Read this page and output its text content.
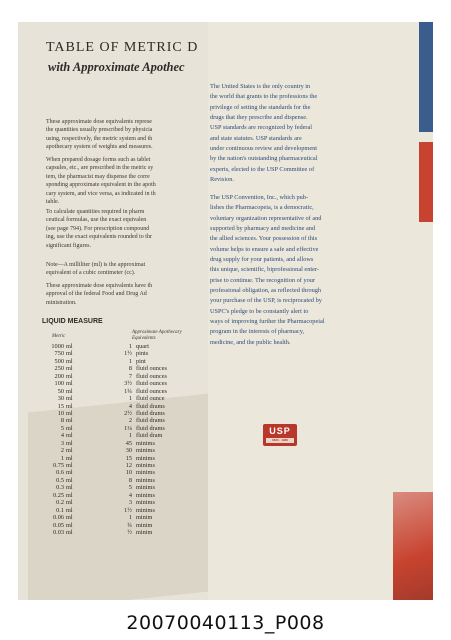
TABLE OF METRIC D
with Approximate Apothec
These approximate dose equivalents represe
the quantities usually prescribed by physicia
using, respectively, the metric system and th
apothecary system of weights and measures.
When prepared dosage forms such as tablet
capsules, etc., are prescribed in the metric sy
tem, the pharmacist may dispense the corre
sponding approximate equivalent in the apoth
cary system, and vice versa, as indicated in th
table.
To calculate quantities required in pharm
ceutical formulas, use the exact equivalen
(see page 794). For prescription compound
ing, use the exact equivalents rounded to thr
significant figures.
Note—A milliliter (ml) is the approximat
equivalent of a cubic centimeter (cc).
These approximate dose equivalents have th
approval of the federal Food and Drug Ad
ministration.
LIQUID MEASURE
Metric
Approximate Apothecary
Equivalents
1000 ml	1 quart
750 ml	1½ pints
500 ml	1 pint
250 ml	8 fluid ounces
200 ml	7 fluid ounces
100 ml	3½ fluid ounces
50 ml	1¾ fluid ounces
30 ml	1 fluid ounce
15 ml	4 fluid drams
10 ml	2½ fluid drams
8 ml	2 fluid drams
5 ml	1¼ fluid drams
4 ml	1 fluid dram
3 ml	45 minims
2 ml	30 minims
1 ml	15 minims
0.75 ml	12 minims
0.6 ml	10 minims
0.5 ml	8 minims
0.3 ml	5 minims
0.25 ml	4 minims
0.2 ml	3 minims
0.1 ml	1½ minims
0.06 ml	1 minim
0.05 ml	¾ minim
0.03 ml	½ minim
The United States is the only country in
the world that grants to the professions the
privilege of setting the standards for the
drugs that they prescribe and dispense.
USP standards are recognized by federal
and state statutes. USP standards are
under continuous review and development
by the nation's outstanding pharmaceutical
experts, elected to the USP Committee of
Revision.
The USP Convention, Inc., which pub-
lishes the Pharmacopeia, is a democratic,
voluntary organization representative of and
supported by pharmacy and medicine and
the allied sciences. Your possession of this
volume helps to ensure a safe and effective
drug supply for your patients, and allows
this unique, scientific, biprofessional enter-
prise to continue. The recognition of your
professional obligation, as reflected through
your purchase of the USP, is reciprocated by
USPC's pledge to be constantly alert to
ways of improving further the Pharmacopeial
program in the interests of pharmacy,
medicine, and the public health.
USP
1820 · 1980
20070040113_P008
